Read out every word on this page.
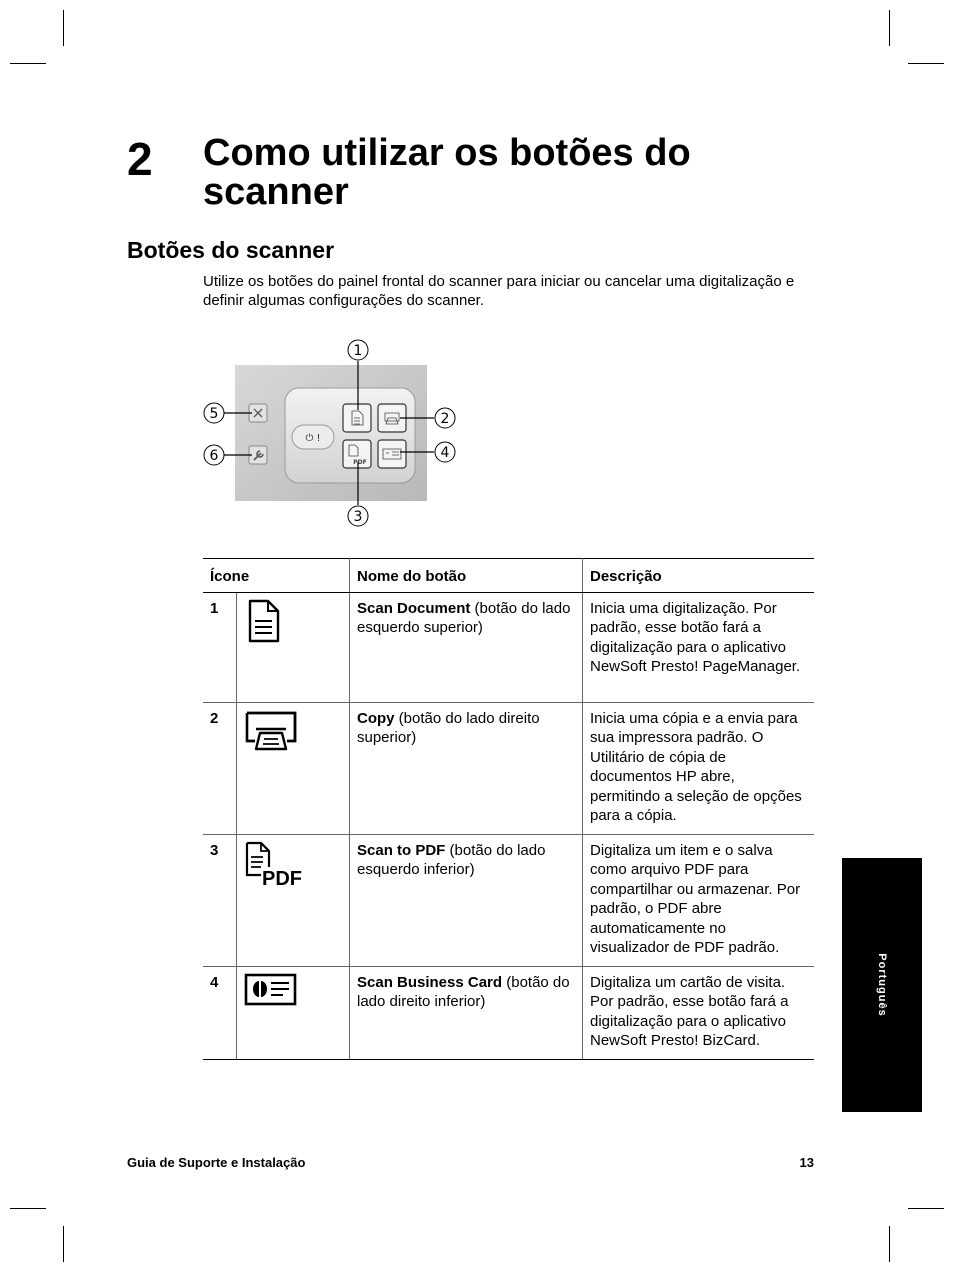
2 Como utilizar os botões do scanner
Botões do scanner
Utilize os botões do painel frontal do scanner para iniciar ou cancelar uma digitalização e definir algumas configurações do scanner.
⏻ !
PDF
1
2
3
4
5
6
Ícone		Nome do botão	Descrição
1		Scan Document (botão do lado esquerdo superior)	Inicia uma digitalização. Por padrão, esse botão fará a digitalização para o aplicativo NewSoft Presto! PageManager.
2		Copy (botão do lado direito superior)	Inicia uma cópia e a envia para sua impressora padrão. O Utilitário de cópia de documentos HP abre, permitindo a seleção de opções para a cópia.
3	PDF	Scan to PDF (botão do lado esquerdo inferior)	Digitaliza um item e o salva como arquivo PDF para compartilhar ou armazenar. Por padrão, o PDF abre automaticamente no visualizador de PDF padrão.
4		Scan Business Card (botão do lado direito inferior)	Digitaliza um cartão de visita. Por padrão, esse botão fará a digitalização para o aplicativo NewSoft Presto! BizCard.
Português
Guia de Suporte e Instalação	13
